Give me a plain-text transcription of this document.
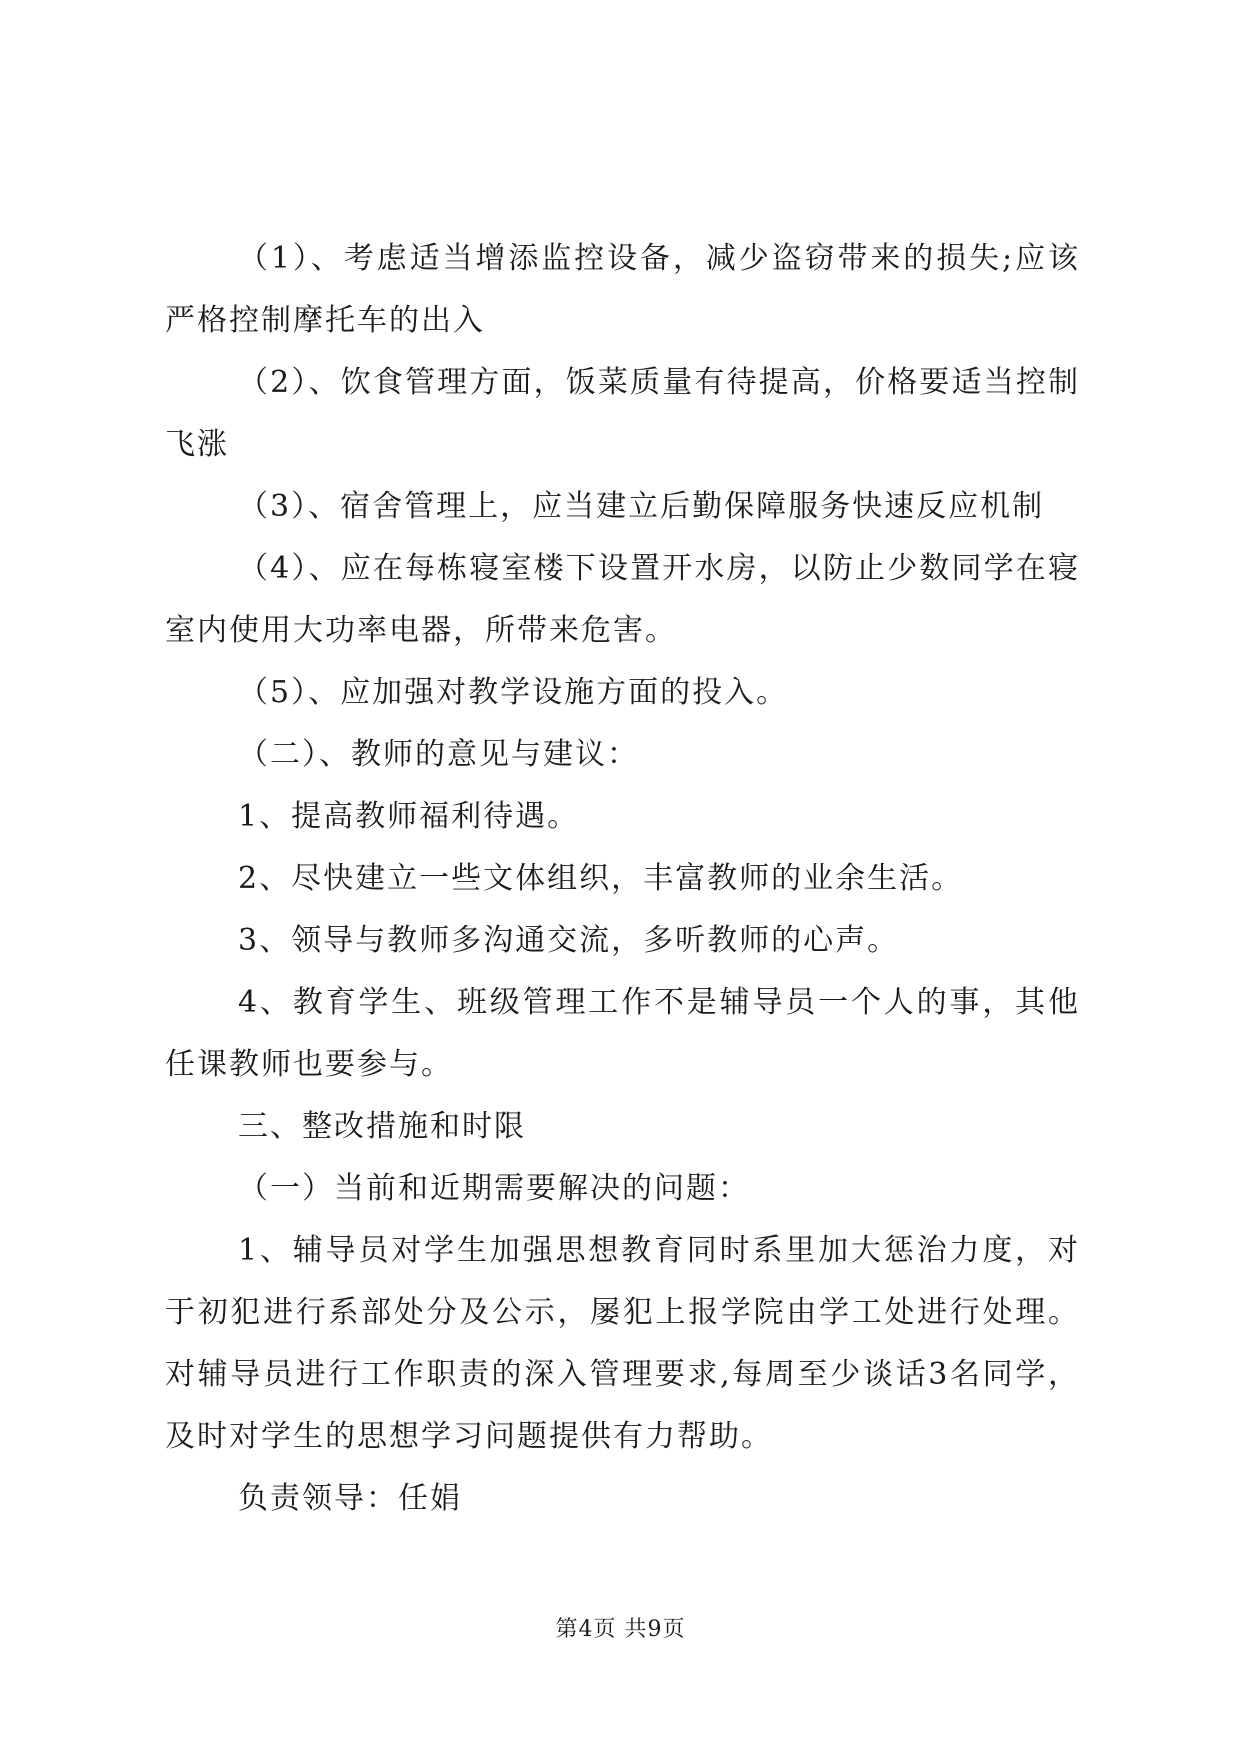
（1）、考虑适当增添监控设备，减少盗窃带来的损失;应该严格控制摩托车的出入

（2）、饮食管理方面，饭菜质量有待提高，价格要适当控制飞涨

（3）、宿舍管理上，应当建立后勤保障服务快速反应机制

（4）、应在每栋寝室楼下设置开水房，以防止少数同学在寝室内使用大功率电器，所带来危害。

（5）、应加强对教学设施方面的投入。

（二）、教师的意见与建议：

1、提高教师福利待遇。

2、尽快建立一些文体组织，丰富教师的业余生活。

3、领导与教师多沟通交流，多听教师的心声。

4、教育学生、班级管理工作不是辅导员一个人的事，其他任课教师也要参与。

三、整改措施和时限

（一）当前和近期需要解决的问题：

1、辅导员对学生加强思想教育同时系里加大惩治力度，对于初犯进行系部处分及公示，屡犯上报学院由学工处进行处理。对辅导员进行工作职责的深入管理要求,每周至少谈话3名同学，及时对学生的思想学习问题提供有力帮助。

负责领导：任娟

第4页 共9页
